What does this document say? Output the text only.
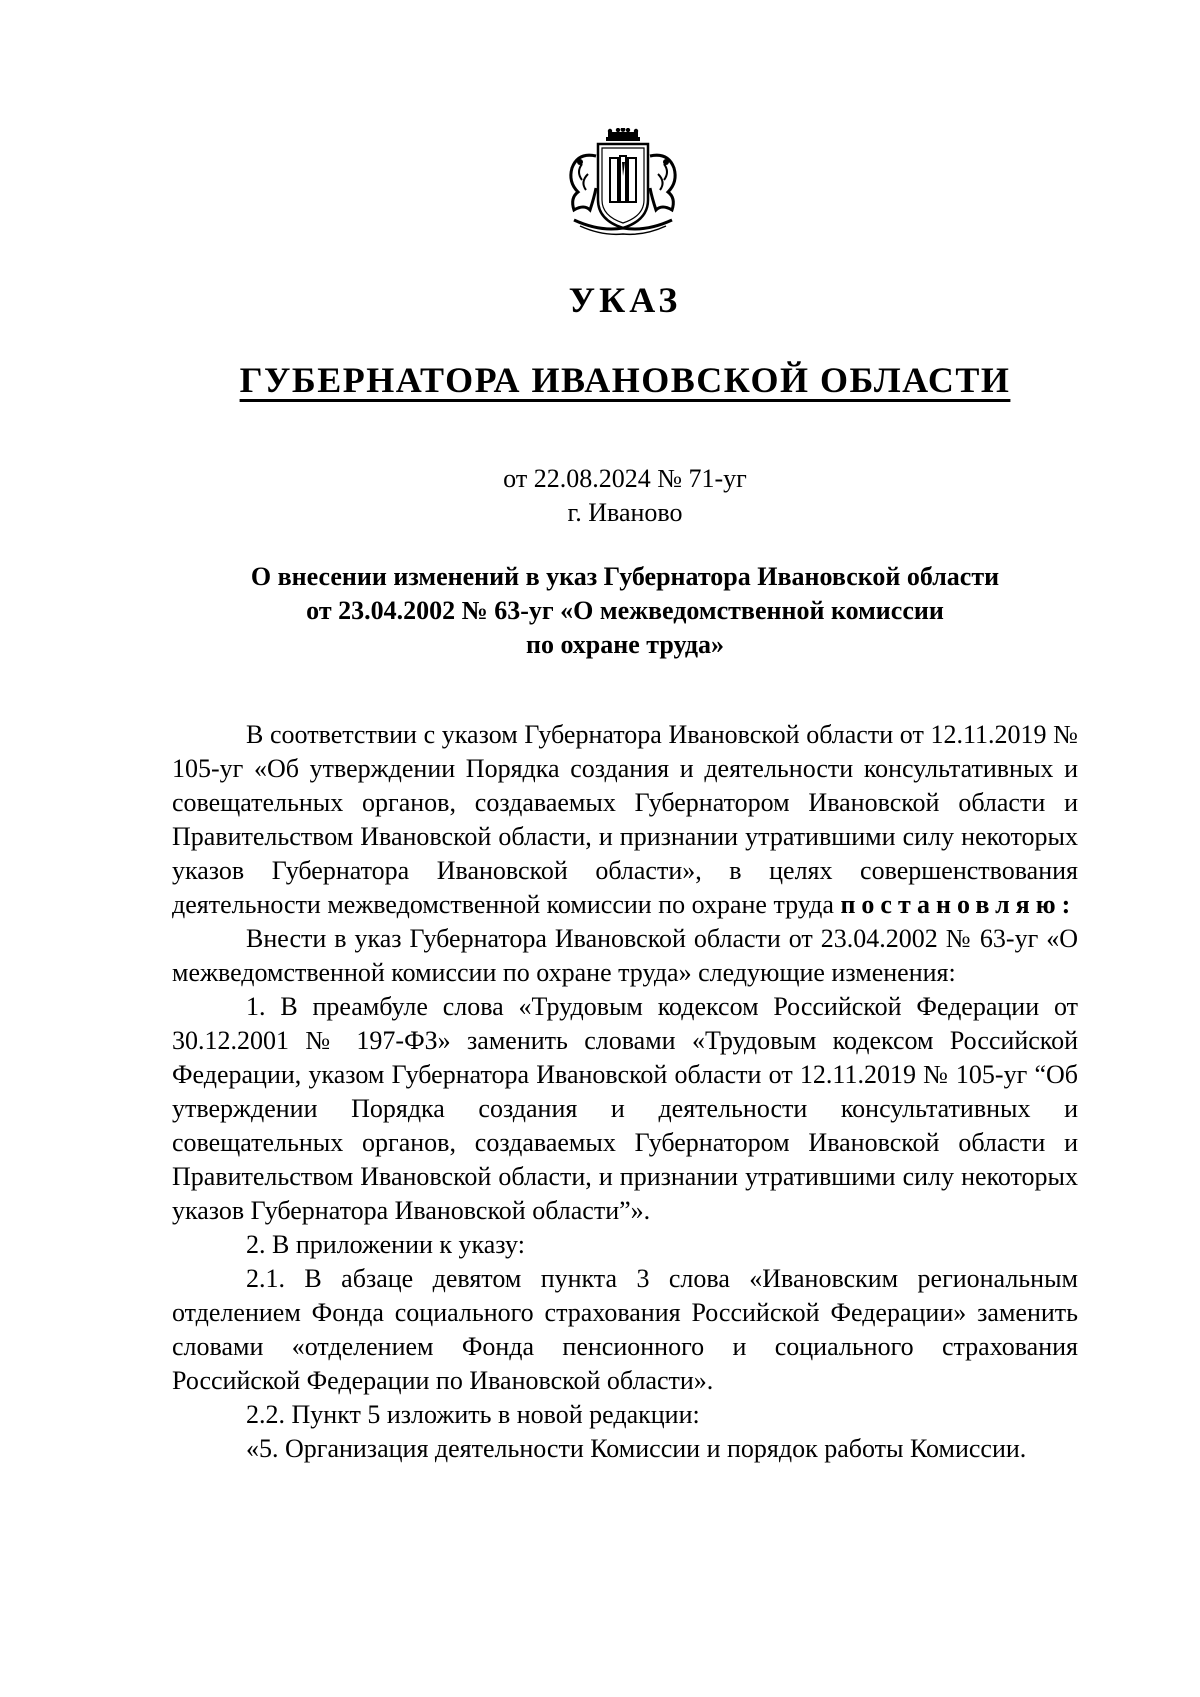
УКАЗ
ГУБЕРНАТОРА ИВАНОВСКОЙ ОБЛАСТИ
от 22.08.2024 № 71-уг
г. Иваново
О внесении изменений в указ Губернатора Ивановской области
от 23.04.2002 № 63-уг «О межведомственной комиссии
по охране труда»

В соответствии с указом Губернатора Ивановской области от 12.11.2019 № 105-уг «Об утверждении Порядка создания и деятельности консультативных и совещательных органов, создаваемых Губернатором Ивановской области и Правительством Ивановской области, и признании утратившими силу некоторых указов Губернатора Ивановской области», в целях совершенствования деятельности межведомственной комиссии по охране труда постановляю:

Внести в указ Губернатора Ивановской области от 23.04.2002 № 63-уг «О межведомственной комиссии по охране труда» следующие изменения:

1. В преамбуле слова «Трудовым кодексом Российской Федерации от 30.12.2001 № 197-ФЗ» заменить словами «Трудовым кодексом Российской Федерации, указом Губернатора Ивановской области от 12.11.2019 № 105-уг “Об утверждении Порядка создания и деятельности консультативных и совещательных органов, создаваемых Губернатором Ивановской области и Правительством Ивановской области, и признании утратившими силу некоторых указов Губернатора Ивановской области”».

2. В приложении к указу:

2.1. В абзаце девятом пункта 3 слова «Ивановским региональным отделением Фонда социального страхования Российской Федерации» заменить словами «отделением Фонда пенсионного и социального страхования Российской Федерации по Ивановской области».

2.2. Пункт 5 изложить в новой редакции:

«5. Организация деятельности Комиссии и порядок работы Комиссии.
